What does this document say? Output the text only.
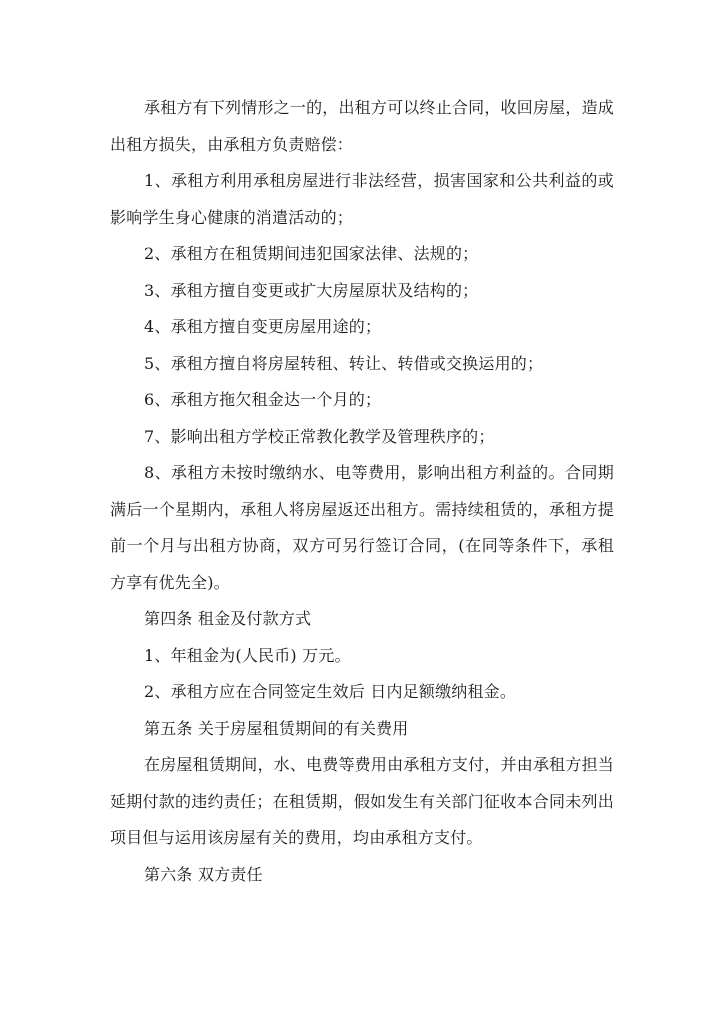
承租方有下列情形之一的，出租方可以终止合同，收回房屋，造成出租方损失，由承租方负责赔偿：

1、承租方利用承租房屋进行非法经营，损害国家和公共利益的或影响学生身心健康的消遣活动的；

2、承租方在租赁期间违犯国家法律、法规的；

3、承租方擅自变更或扩大房屋原状及结构的；

4、承租方擅自变更房屋用途的；

5、承租方擅自将房屋转租、转让、转借或交换运用的；

6、承租方拖欠租金达一个月的；

7、影响出租方学校正常教化教学及管理秩序的；

8、承租方未按时缴纳水、电等费用，影响出租方利益的。合同期满后一个星期内，承租人将房屋返还出租方。需持续租赁的，承租方提前一个月与出租方协商，双方可另行签订合同，(在同等条件下，承租方享有优先全)。

第四条 租金及付款方式

1、年租金为(人民币) 万元。

2、承租方应在合同签定生效后 日内足额缴纳租金。

第五条 关于房屋租赁期间的有关费用

在房屋租赁期间，水、电费等费用由承租方支付，并由承租方担当延期付款的违约责任；在租赁期，假如发生有关部门征收本合同未列出项目但与运用该房屋有关的费用，均由承租方支付。

第六条 双方责任
